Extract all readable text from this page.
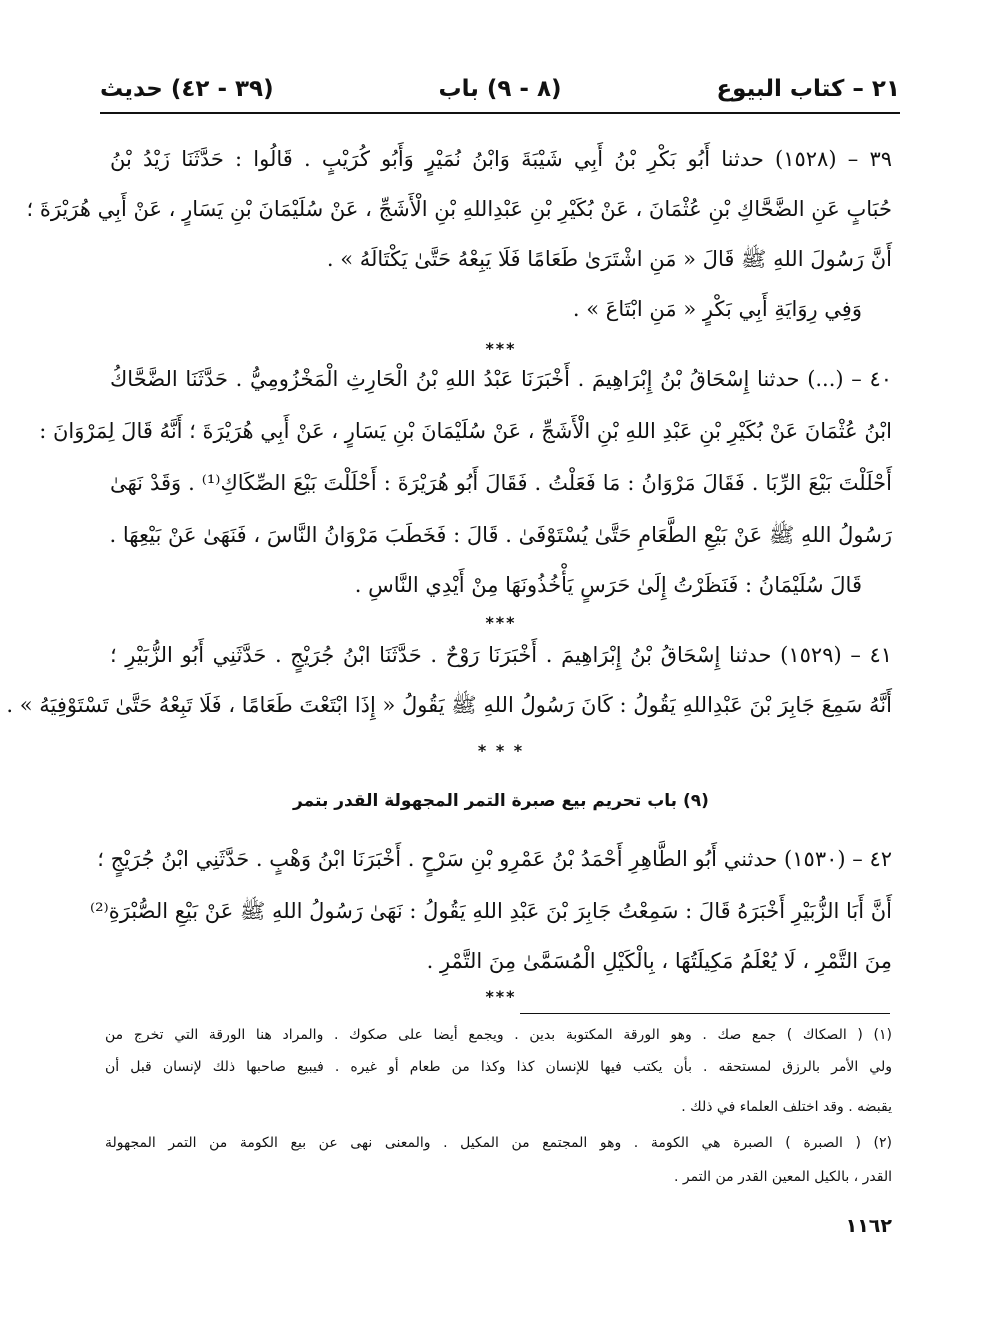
٢١ – كتاب البيوع
(٨ - ٩) باب
(٣٩ - ٤٢) حديث
٣٩ – (١٥٢٨) حدثنا أَبُو بَكْرِ بْنُ أَبِي شَيْبَةَ وَابْنُ نُمَيْرٍ وَأَبُو كُرَيْبٍ . قَالُوا : حَدَّثَنَا زَيْدُ بْنُ
حُبَابٍ عَنِ الضَّحَّاكِ بْنِ عُثْمَانَ ، عَنْ بُكَيْرِ بْنِ عَبْدِاللهِ بْنِ الْأَشَجِّ ، عَنْ سُلَيْمَانَ بْنِ يَسَارٍ ، عَنْ أَبِي هُرَيْرَةَ ؛
أَنَّ رَسُولَ اللهِ ﷺ قَالَ « مَنِ اشْتَرَىٰ طَعَامًا فَلَا يَبِعْهُ حَتَّىٰ يَكْتَالَهُ » .
وَفِي رِوَايَةِ أَبِي بَكْرٍ « مَنِ ابْتَاعَ » .
***
٤٠ – (...) حدثنا إِسْحَاقُ بْنُ إِبْرَاهِيمَ . أَخْبَرَنَا عَبْدُ اللهِ بْنُ الْحَارِثِ الْمَخْزُومِيُّ . حَدَّثَنَا الضَّحَّاكُ
ابْنُ عُثْمَانَ عَنْ بُكَيْرِ بْنِ عَبْدِ اللهِ بْنِ الْأَشَجِّ ، عَنْ سُلَيْمَانَ بْنِ يَسَارٍ ، عَنْ أَبِي هُرَيْرَةَ ؛ أَنَّهُ قَالَ لِمَرْوَانَ :
أَحْلَلْتَ بَيْعَ الرِّبَا . فَقَالَ مَرْوَانُ : مَا فَعَلْتُ . فَقَالَ أَبُو هُرَيْرَةَ : أَحْلَلْتَ بَيْعَ الصِّكَاكِ⁽¹⁾ . وَقَدْ نَهَىٰ
رَسُولُ اللهِ ﷺ عَنْ بَيْعِ الطَّعَامِ حَتَّىٰ يُسْتَوْفَىٰ . قَالَ : فَخَطَبَ مَرْوَانُ النَّاسَ ، فَنَهَىٰ عَنْ بَيْعِهَا .
قَالَ سُلَيْمَانُ : فَنَظَرْتُ إِلَىٰ حَرَسٍ يَأْخُذُونَهَا مِنْ أَيْدِي النَّاسِ .
***
٤١ – (١٥٢٩) حدثنا إِسْحَاقُ بْنُ إِبْرَاهِيمَ . أَخْبَرَنَا رَوْحٌ . حَدَّثَنَا ابْنُ جُرَيْجٍ . حَدَّثَنِي أَبُو الزُّبَيْرِ ؛
أَنَّهُ سَمِعَ جَابِرَ بْنَ عَبْدِاللهِ يَقُولُ : كَانَ رَسُولُ اللهِ ﷺ يَقُولُ « إِذَا ابْتَعْتَ طَعَامًا ، فَلَا تَبِعْهُ حَتَّىٰ تَسْتَوْفِيَهُ » .
* * *
(٩) باب تحريم بيع صبرة التمر المجهولة القدر بتمر
٤٢ – (١٥٣٠) حدثني أَبُو الطَّاهِرِ أَحْمَدُ بْنُ عَمْرِو بْنِ سَرْحٍ . أَخْبَرَنَا ابْنُ وَهْبٍ . حَدَّثَنِي ابْنُ جُرَيْجٍ ؛
أَنَّ أَبَا الزُّبَيْرِ أَخْبَرَهُ قَالَ : سَمِعْتُ جَابِرَ بْنَ عَبْدِ اللهِ يَقُولُ : نَهَىٰ رَسُولُ اللهِ ﷺ عَنْ بَيْعِ الصُّبْرَةِ⁽²⁾
مِنَ التَّمْرِ ، لَا يُعْلَمُ مَكِيلَتُهَا ، بِالْكَيْلِ الْمُسَمَّىٰ مِنَ التَّمْرِ .
***
(١) ( الصكاك ) جمع صك . وهو الورقة المكتوبة بدين . ويجمع أيضا على صكوك . والمراد هنا الورقة التي تخرج من
ولي الأمر بالرزق لمستحقه . بأن يكتب فيها للإنسان كذا وكذا من طعام أو غيره . فيبيع صاحبها ذلك لإنسان قبل أن
يقبضه . وقد اختلف العلماء في ذلك .
(٢) ( الصبرة ) الصبرة هي الكومة . وهو المجتمع من المكيل . والمعنى نهى عن بيع الكومة من التمر المجهولة
القدر ، بالكيل المعين القدر من التمر .
١١٦٢
